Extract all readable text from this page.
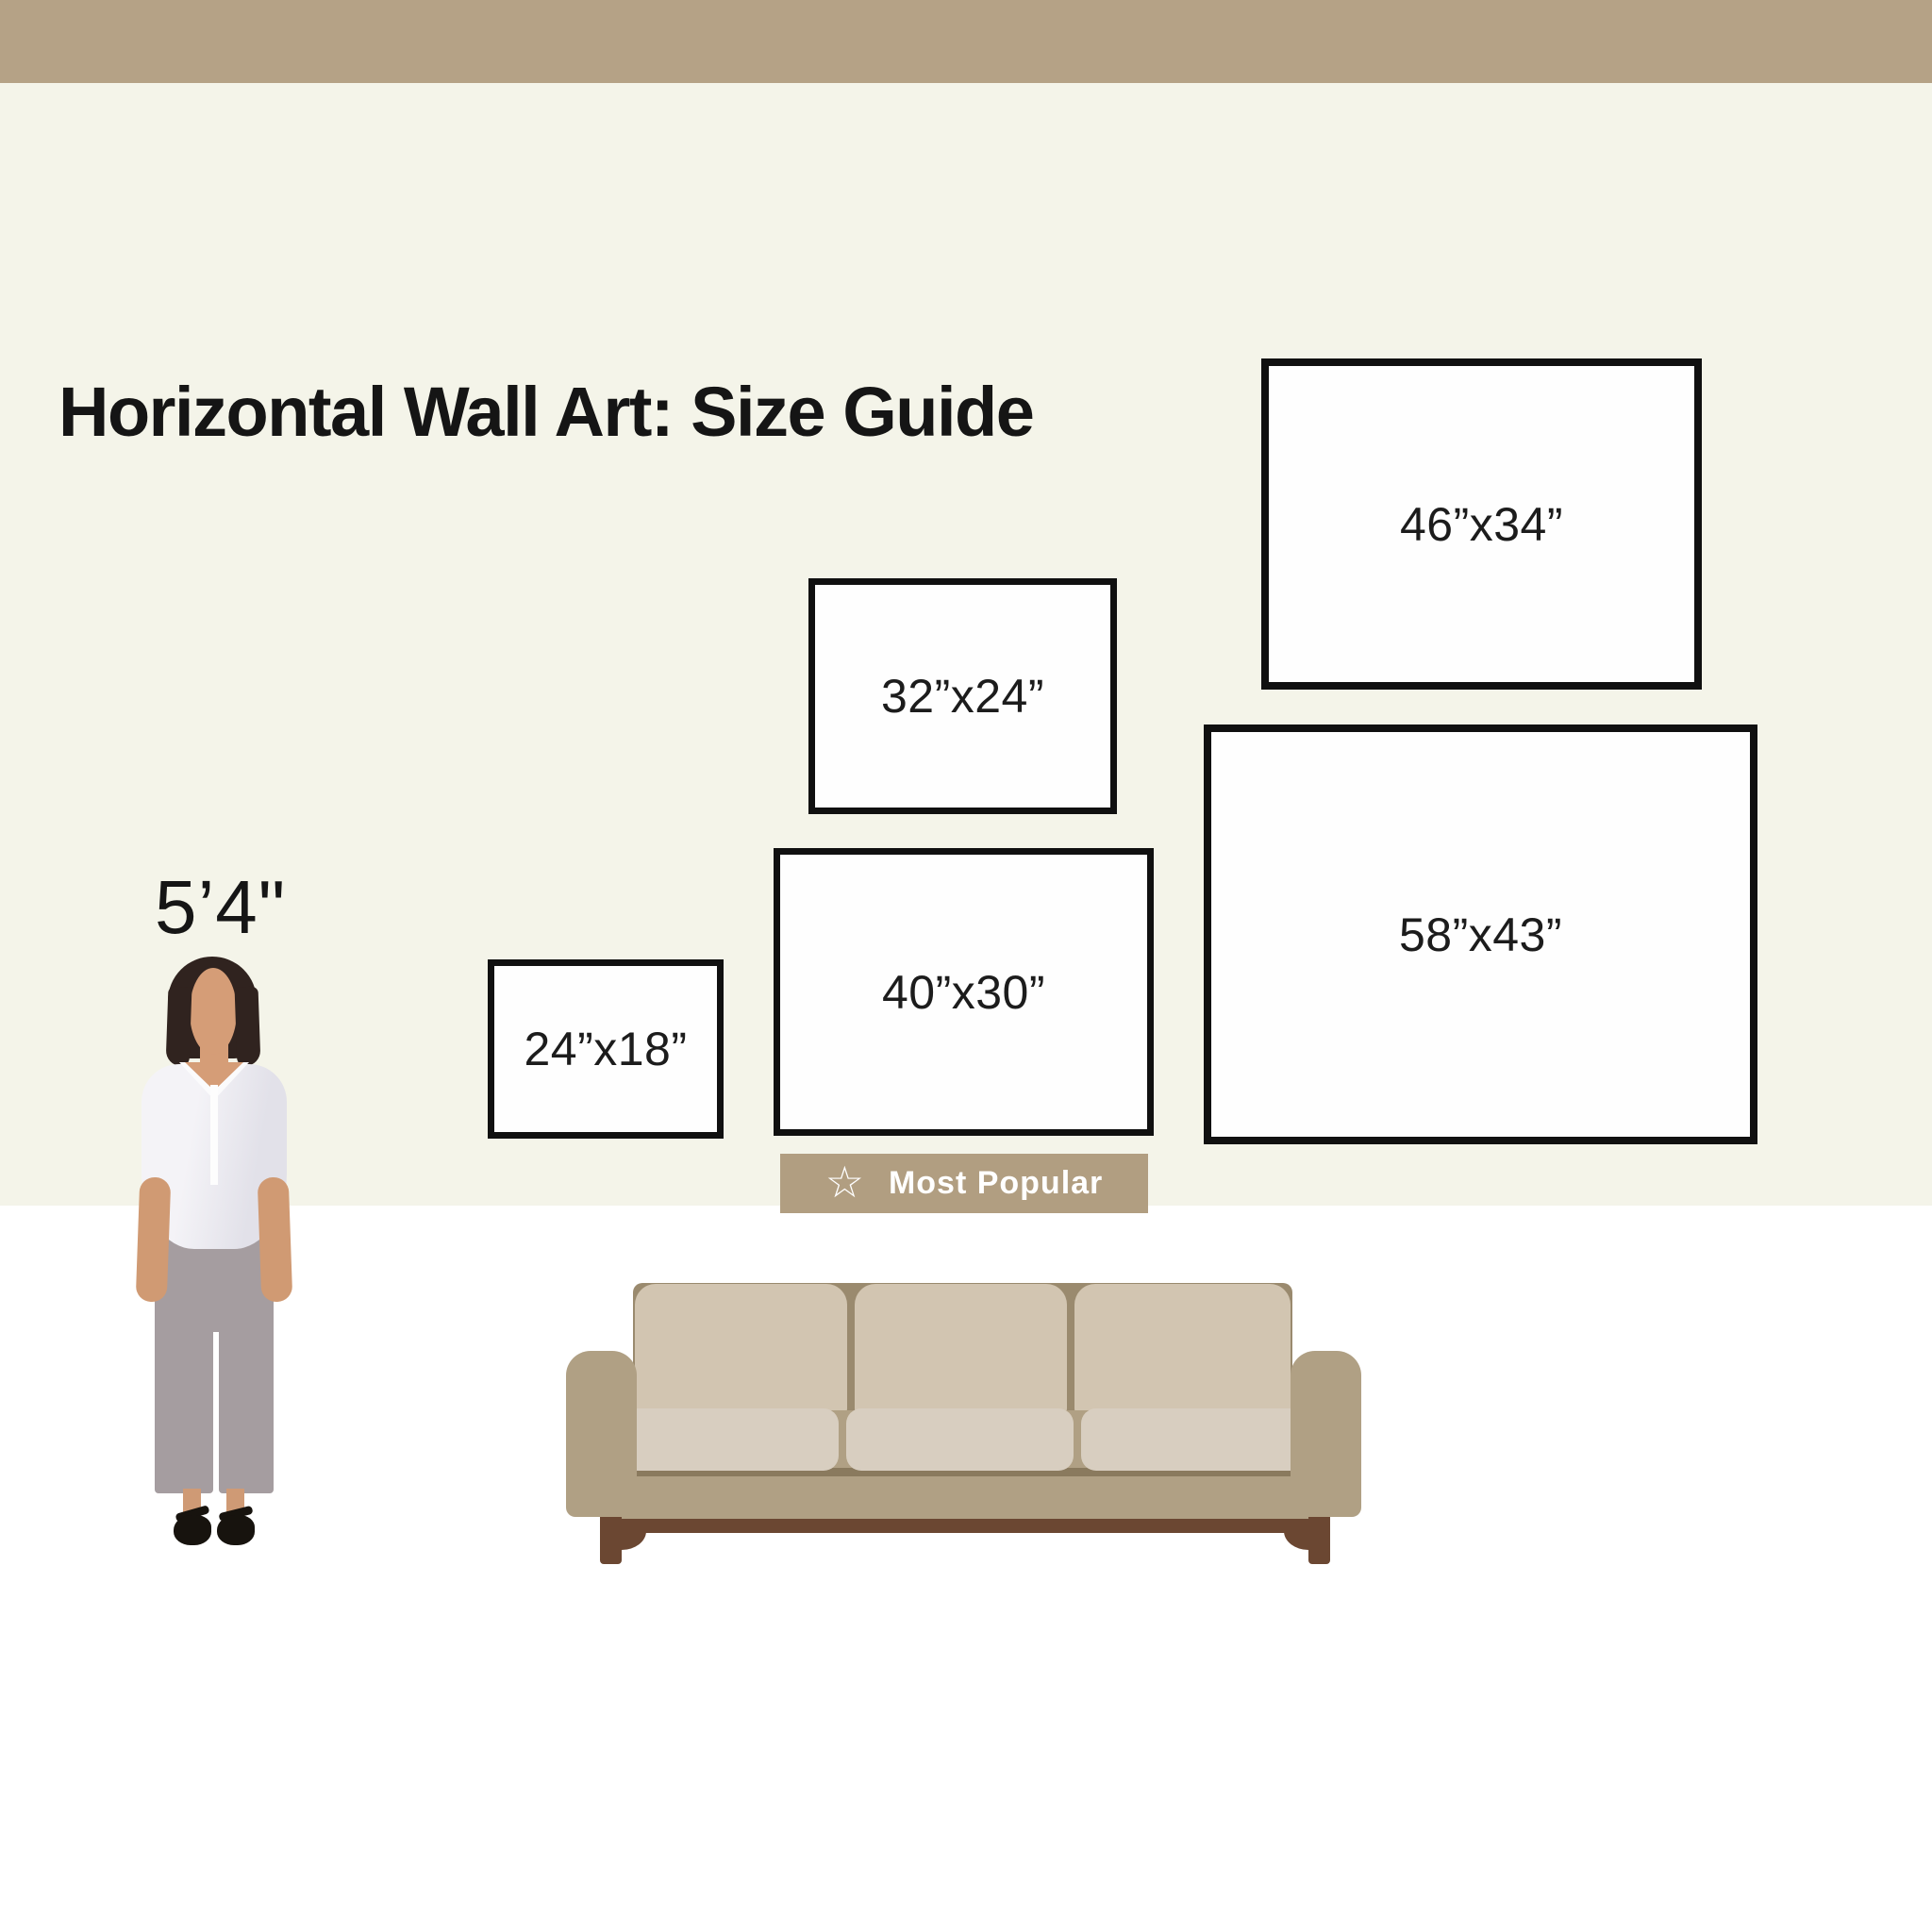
Horizontal Wall Art: Size Guide
5’4"
24”x18”
32”x24”
40”x30”
46”x34”
58”x43”
☆ Most Popular
